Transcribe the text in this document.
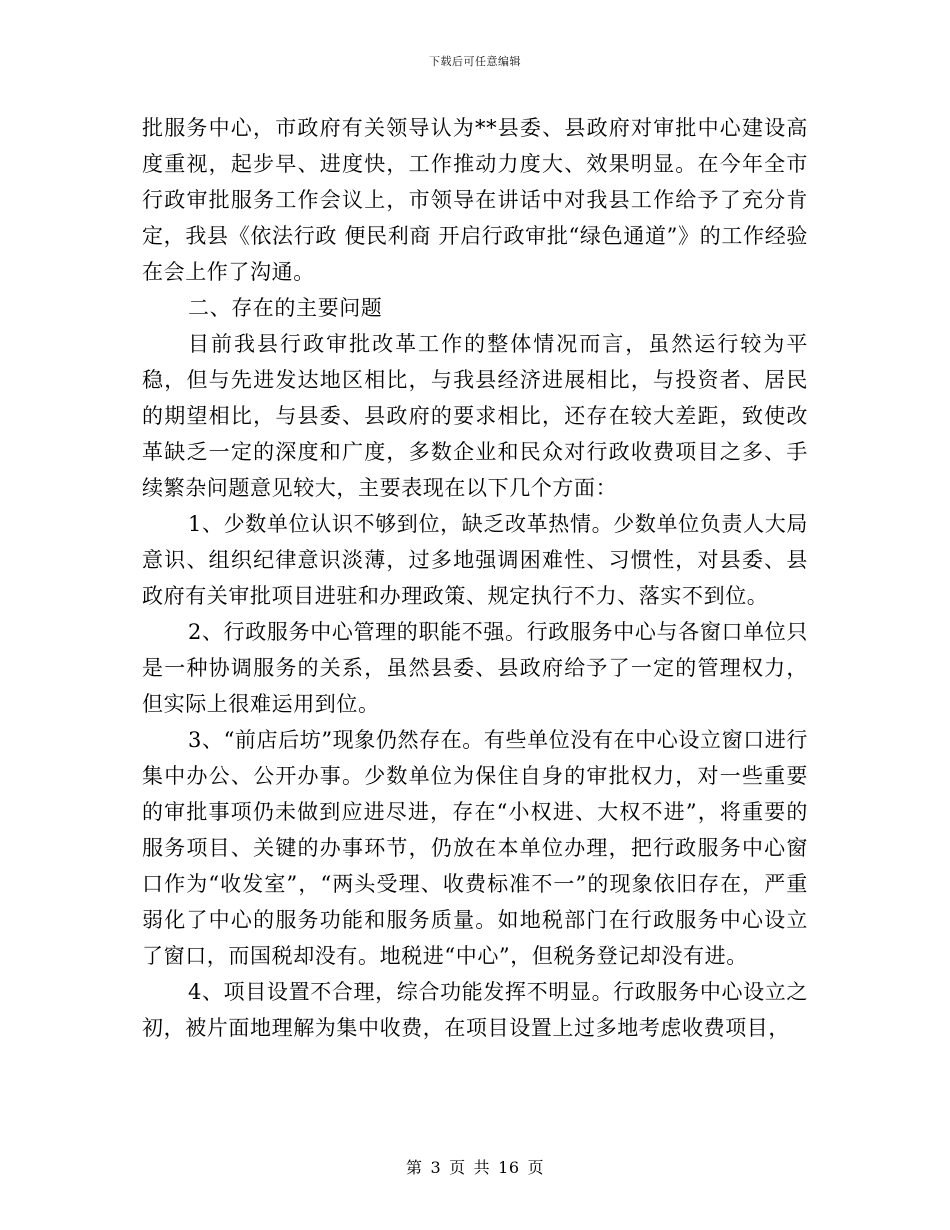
下载后可任意编辑

批服务中心，市政府有关领导认为**县委、县政府对审批中心建设高度重视，起步早、进度快，工作推动力度大、效果明显。在今年全市行政审批服务工作会议上，市领导在讲话中对我县工作给予了充分肯定，我县《依法行政 便民利商 开启行政审批“绿色通道”》的工作经验在会上作了沟通。

二、存在的主要问题

目前我县行政审批改革工作的整体情况而言，虽然运行较为平稳，但与先进发达地区相比，与我县经济进展相比，与投资者、居民的期望相比，与县委、县政府的要求相比，还存在较大差距，致使改革缺乏一定的深度和广度，多数企业和民众对行政收费项目之多、手续繁杂问题意见较大，主要表现在以下几个方面：

1、少数单位认识不够到位，缺乏改革热情。少数单位负责人大局意识、组织纪律意识淡薄，过多地强调困难性、习惯性，对县委、县政府有关审批项目进驻和办理政策、规定执行不力、落实不到位。

2、行政服务中心管理的职能不强。行政服务中心与各窗口单位只是一种协调服务的关系，虽然县委、县政府给予了一定的管理权力，但实际上很难运用到位。

3、“前店后坊”现象仍然存在。有些单位没有在中心设立窗口进行集中办公、公开办事。少数单位为保住自身的审批权力，对一些重要的审批事项仍未做到应进尽进，存在“小权进、大权不进”，将重要的服务项目、关键的办事环节，仍放在本单位办理，把行政服务中心窗口作为“收发室”，“两头受理、收费标准不一”的现象依旧存在，严重弱化了中心的服务功能和服务质量。如地税部门在行政服务中心设立了窗口，而国税却没有。地税进“中心”，但税务登记却没有进。

4、项目设置不合理，综合功能发挥不明显。行政服务中心设立之初，被片面地理解为集中收费，在项目设置上过多地考虑收费项目，

第 3 页 共 16 页
